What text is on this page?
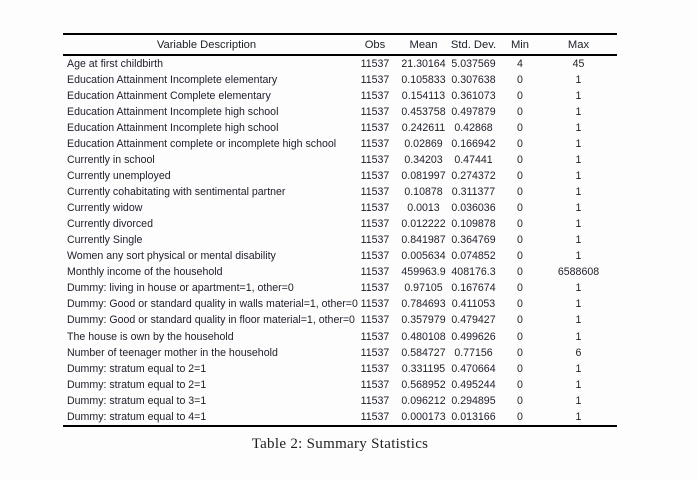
Variable Description	Obs	Mean	Std. Dev.	Min	Max
Age at first childbirth	11537	21.30164	5.037569	4	45
Education Attainment Incomplete elementary	11537	0.105833	0.307638	0	1
Education Attainment Complete elementary	11537	0.154113	0.361073	0	1
Education Attainment Incomplete high school	11537	0.453758	0.497879	0	1
Education Attainment Incomplete high school	11537	0.242611	0.42868	0	1
Education Attainment complete or incomplete high school	11537	0.02869	0.166942	0	1
Currently in school	11537	0.34203	0.47441	0	1
Currently unemployed	11537	0.081997	0.274372	0	1
Currently cohabitating with sentimental partner	11537	0.10878	0.311377	0	1
Currently widow	11537	0.0013	0.036036	0	1
Currently divorced	11537	0.012222	0.109878	0	1
Currently Single	11537	0.841987	0.364769	0	1
Women any sort physical or mental disability	11537	0.005634	0.074852	0	1
Monthly income of the household	11537	459963.9	408176.3	0	6588608
Dummy: living in house or apartment=1, other=0	11537	0.97105	0.167674	0	1
Dummy: Good or standard quality in walls material=1, other=0	11537	0.784693	0.411053	0	1
Dummy: Good or standard quality in floor material=1, other=0	11537	0.357979	0.479427	0	1
The house is own by the household	11537	0.480108	0.499626	0	1
Number of teenager mother in the household	11537	0.584727	0.77156	0	6
Dummy: stratum equal to 2=1	11537	0.331195	0.470664	0	1
Dummy: stratum equal to 2=1	11537	0.568952	0.495244	0	1
Dummy: stratum equal to 3=1	11537	0.096212	0.294895	0	1
Dummy: stratum equal to 4=1	11537	0.000173	0.013166	0	1
Table 2: Summary Statistics
